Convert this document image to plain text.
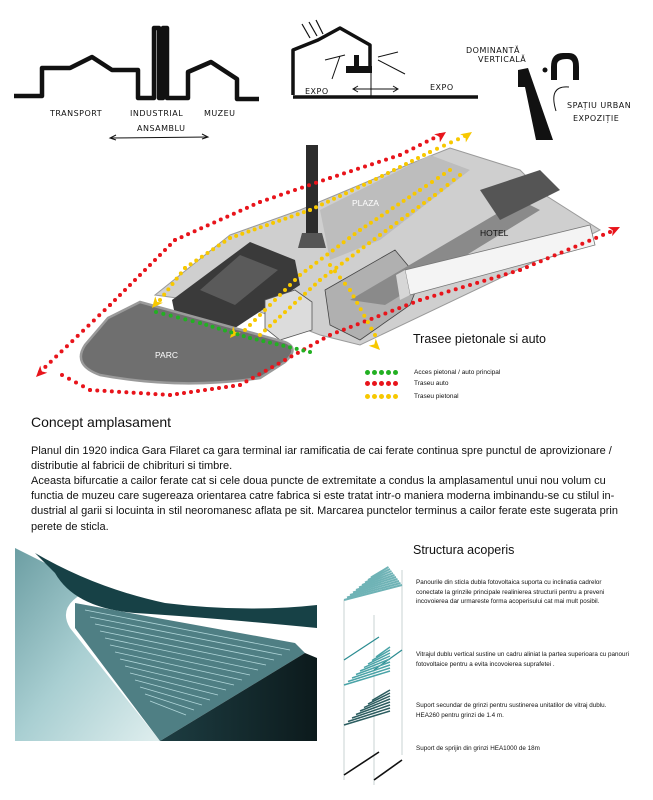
TRANSPORT	INDUSTRIAL	MUZEU
ANSAMBLU
EXPO	EXPO
DOMINANTĂ
VERTICALĂ
SPAȚIU URBAN
EXPOZIȚIE
PLAZA
HOTEL
PARC
Trasee pietonale si auto
Acces pietonal / auto principal
Traseu auto
Traseu pietonal
Concept amplasament
Planul din 1920 indica Gara Filaret ca gara terminal iar ramificatia de cai ferate continua spre punctul de aprovizionare / distributie al fabricii de chibrituri si timbre.
Aceasta bifurcatie a cailor ferate cat si cele doua puncte de extremitate a condus la amplasamentul unui nou volum cu functia de muzeu care sugereaza orientarea catre fabrica si este tratat intr-o maniera moderna imbinandu-se cu stilul in-dustrial al garii si locuinta in stil neoromanesc aflata pe sit. Marcarea punctelor terminus a cailor ferate este sugerata prin perete de sticla.
Structura acoperis
Panourile din sticla dubla fotovoltaica suporta cu inclinatia cadrelor conectate la grinzile principale realinierea structurii pentru a preveni incovoierea dar urmareste forma acoperisului cat mai mult posibil.
Vitrajul dublu vertical sustine un cadru aliniat la partea superioara cu panouri fotovoltaice pentru a evita incovoierea suprafetei .
Suport secundar de grinzi pentru sustinerea unitatilor de vitraj dublu. HEA260 pentru grinzi de 1.4 m.
Suport de sprijin din grinzi HEA1000 de 18m
